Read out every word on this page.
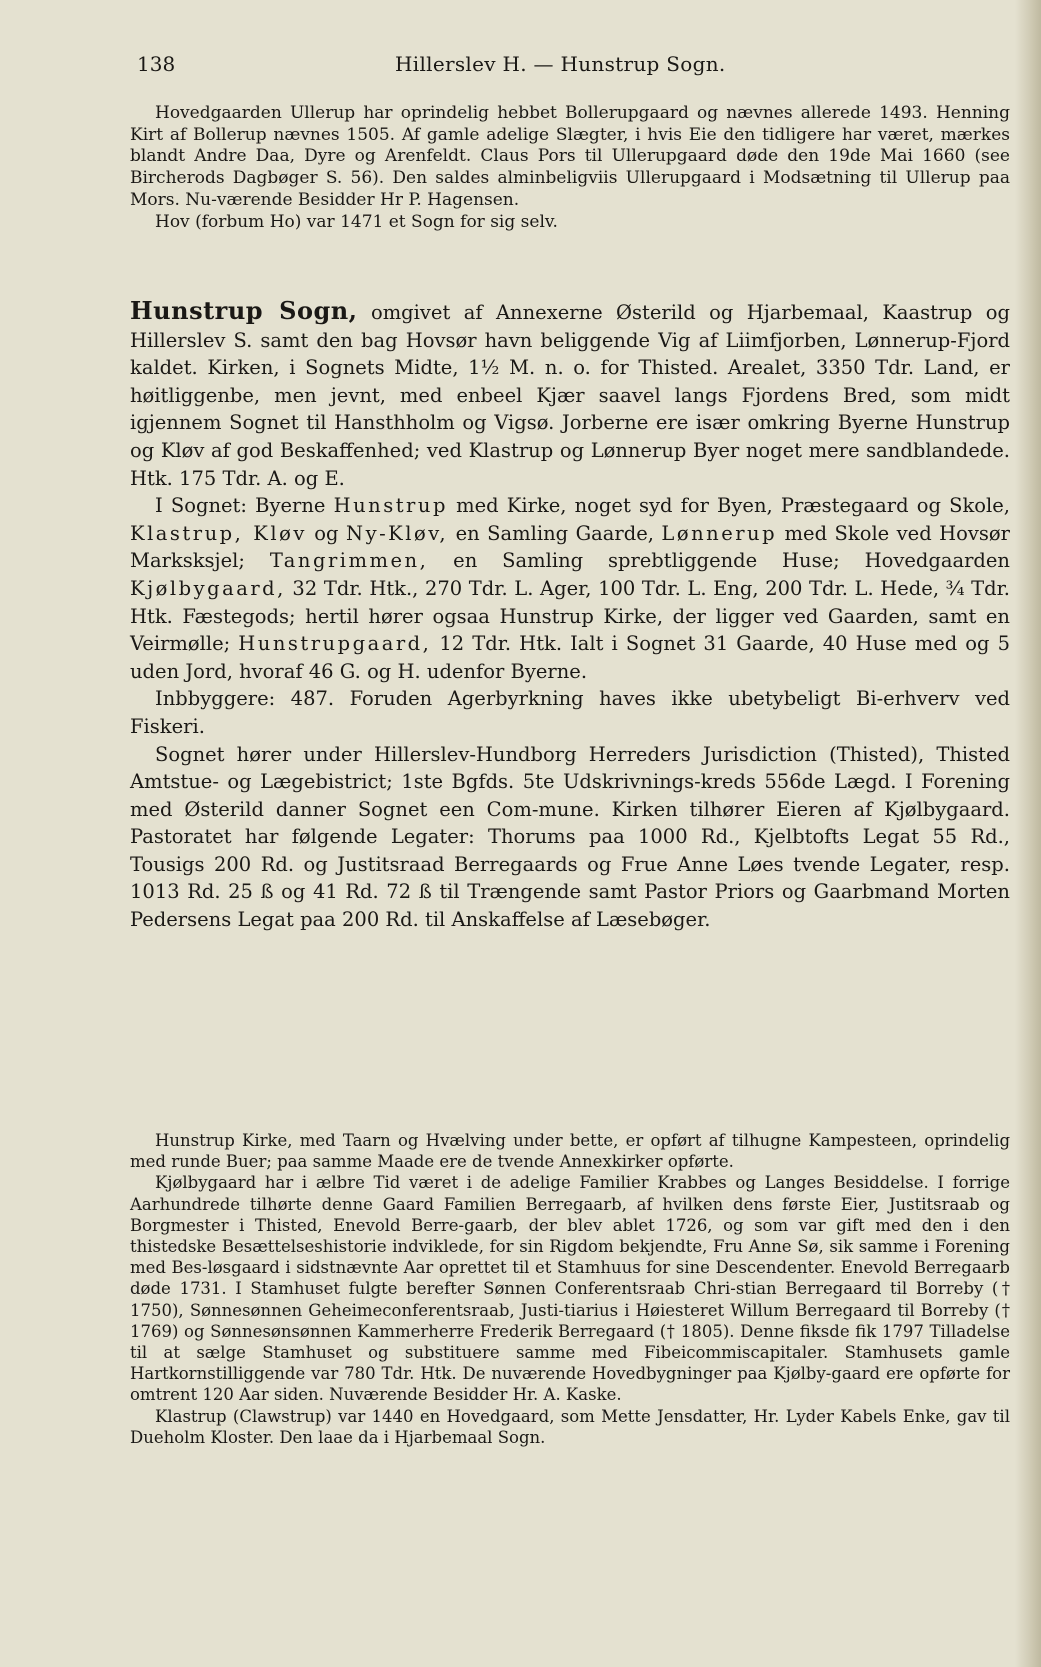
138	Hillerslev H. — Hunstrup Sogn.

Hovedgaarden Ullerup har oprindelig hebbet Bollerupgaard og nævnes allerede 1493. Henning Kirt af Bollerup nævnes 1505. Af gamle adelige Slægter, i hvis Eie den tidligere har været, mærkes blandt Andre Daa, Dyre og Arenfeldt. Claus Pors til Ullerupgaard døde den 19de Mai 1660 (see Bircherods Dagbøger S. 56). Den saldes alminbeligviis Ullerupgaard i Modsætning til Ullerup paa Mors. Nu-værende Besidder Hr P. Hagensen.

Hov (forbum Ho) var 1471 et Sogn for sig selv.

Hunstrup Sogn, omgivet af Annexerne Østerild og Hjarbemaal, Kaastrup og Hillerslev S. samt den bag Hovsør havn beliggende Vig af Liimfjorben, Lønnerup-Fjord kaldet. Kirken, i Sognets Midte, 1½ M. n. o. for Thisted. Arealet, 3350 Tdr. Land, er høitliggenbe, men jevnt, med enbeel Kjær saavel langs Fjordens Bred, som midt igjennem Sognet til Hansthholm og Vigsø. Jorberne ere især omkring Byerne Hunstrup og Kløv af god Beskaffenhed; ved Klastrup og Lønnerup Byer noget mere sandblandede. Htk. 175 Tdr. A. og E.

I Sognet: Byerne Hunstrup med Kirke, noget syd for Byen, Præstegaard og Skole, Klastrup, Kløv og Ny-Kløv, en Samling Gaarde, Lønnerup med Skole ved Hovsør Marksksjel; Tangrimmen, en Samling sprebtliggende Huse; Hovedgaarden Kjølbygaard, 32 Tdr. Htk., 270 Tdr. L. Ager, 100 Tdr. L. Eng, 200 Tdr. L. Hede, ¾ Tdr. Htk. Fæstegods; hertil hører ogsaa Hunstrup Kirke, der ligger ved Gaarden, samt en Veirmølle; Hunstrupgaard, 12 Tdr. Htk. Ialt i Sognet 31 Gaarde, 40 Huse med og 5 uden Jord, hvoraf 46 G. og H. udenfor Byerne.

Inbbyggere: 487. Foruden Agerbyrkning haves ikke ubetybeligt Bi-erhverv ved Fiskeri.

Sognet hører under Hillerslev-Hundborg Herreders Jurisdiction (Thisted), Thisted Amtstue- og Lægebistrict; 1ste Bgfds. 5te Udskrivnings-kreds 556de Lægd. I Forening med Østerild danner Sognet een Com-mune. Kirken tilhører Eieren af Kjølbygaard. Pastoratet har følgende Legater: Thorums paa 1000 Rd., Kjelbtofts Legat 55 Rd., Tousigs 200 Rd. og Justitsraad Berregaards og Frue Anne Løes tvende Legater, resp. 1013 Rd. 25 ß og 41 Rd. 72 ß til Trængende samt Pastor Priors og Gaarbmand Morten Pedersens Legat paa 200 Rd. til Anskaffelse af Læsebøger.

Hunstrup Kirke, med Taarn og Hvælving under bette, er opført af tilhugne Kampesteen, oprindelig med runde Buer; paa samme Maade ere de tvende Annexkirker opførte.

Kjølbygaard har i ælbre Tid været i de adelige Familier Krabbes og Langes Besiddelse. I forrige Aarhundrede tilhørte denne Gaard Familien Berregaarb, af hvilken dens første Eier, Justitsraab og Borgmester i Thisted, Enevold Berre-gaarb, der blev ablet 1726, og som var gift med den i den thistedske Besættelseshistorie indviklede, for sin Rigdom bekjendte, Fru Anne Sø, sik samme i Forening med Bes-løsgaard i sidstnævnte Aar oprettet til et Stamhuus for sine Descendenter. Enevold Berregaarb døde 1731. I Stamhuset fulgte berefter Sønnen Conferentsraab Chri-stian Berregaard til Borreby († 1750), Sønnesønnen Geheimeconferentsraab, Justi-tiarius i Høiesteret Willum Berregaard til Borreby († 1769) og Sønnesønsønnen Kammerherre Frederik Berregaard († 1805). Denne fiksde fik 1797 Tilladelse til at sælge Stamhuset og substituere samme med Fibeicommiscapitaler. Stamhusets gamle Hartkornstilliggende var 780 Tdr. Htk. De nuværende Hovedbygninger paa Kjølby-gaard ere opførte for omtrent 120 Aar siden. Nuværende Besidder Hr. A. Kaske.

Klastrup (Clawstrup) var 1440 en Hovedgaard, som Mette Jensdatter, Hr. Lyder Kabels Enke, gav til Dueholm Kloster. Den laae da i Hjarbemaal Sogn.
